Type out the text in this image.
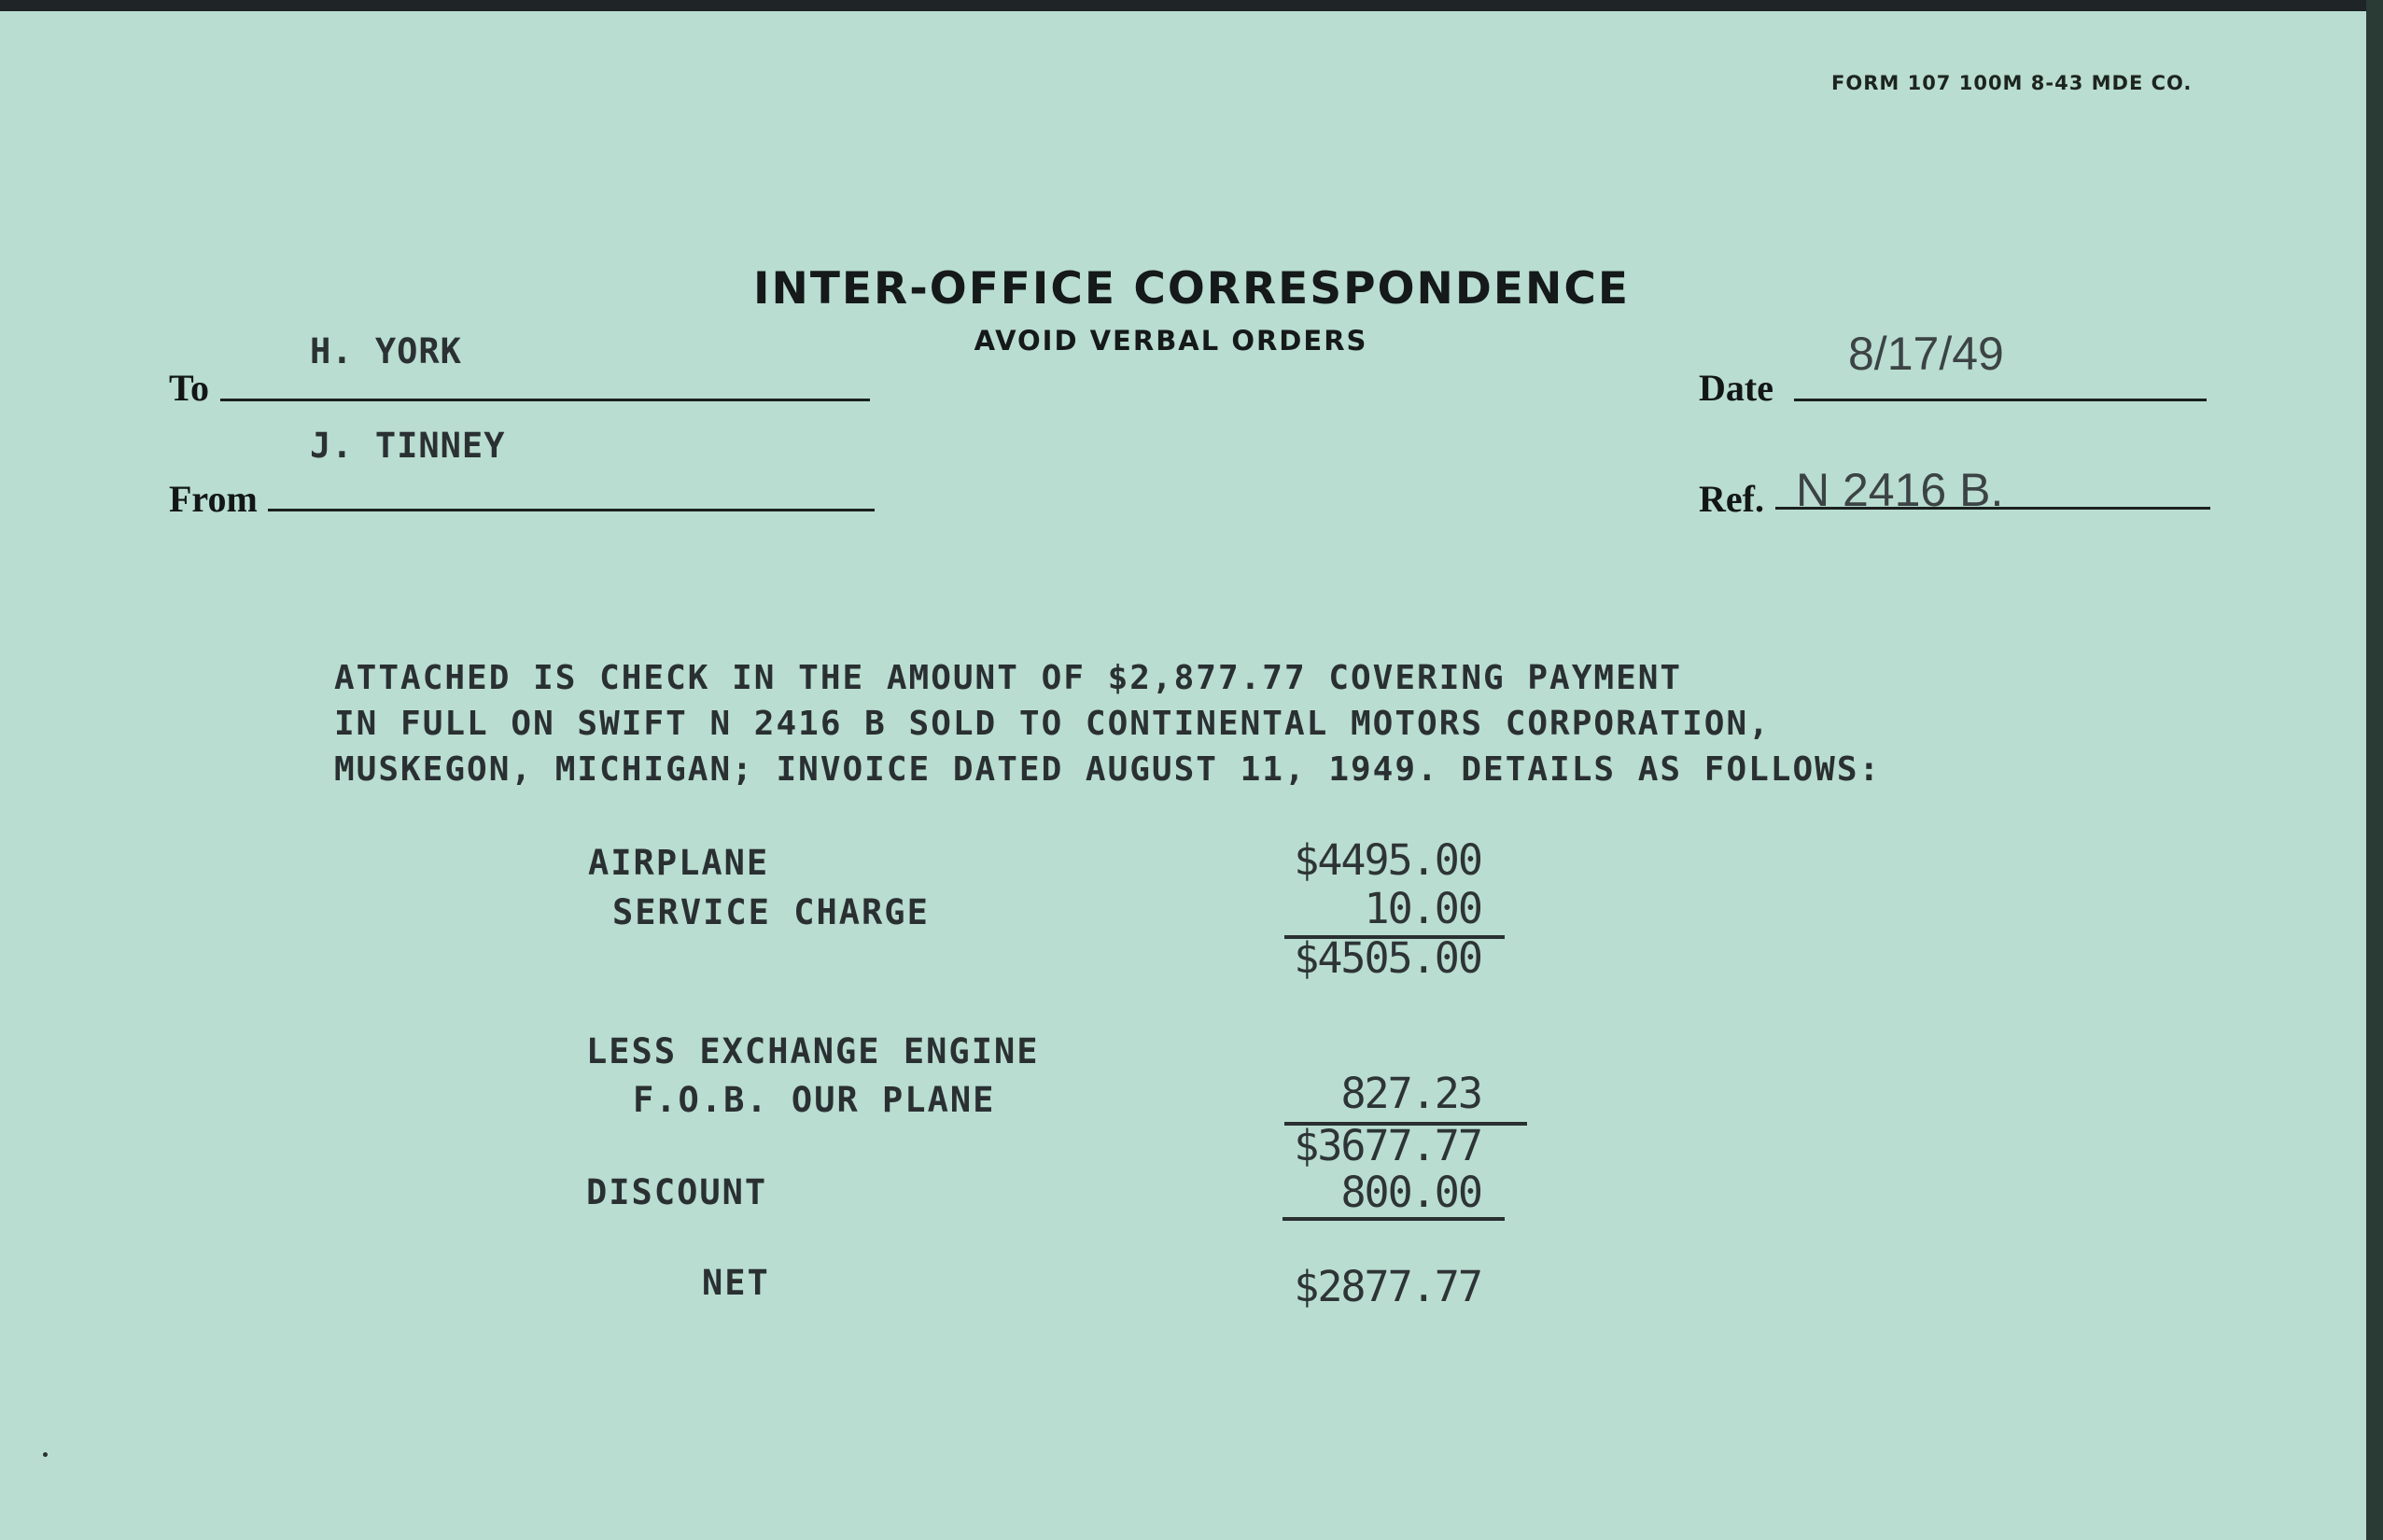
FORM 107 100M 8-43 MDE CO.
INTER-OFFICE CORRESPONDENCE
AVOID VERBAL ORDERS
To
H. YORK
From
J. TINNEY
Date
8/17/49
Ref. N 2416 B.
ATTACHED IS CHECK IN THE AMOUNT OF $2,877.77 COVERING PAYMENT
IN FULL ON SWIFT N 2416 B SOLD TO CONTINENTAL MOTORS CORPORATION,
MUSKEGON, MICHIGAN; INVOICE DATED AUGUST 11, 1949. DETAILS AS FOLLOWS:
AIRPLANE
SERVICE CHARGE
LESS EXCHANGE ENGINE
F.O.B. OUR PLANE
DISCOUNT
NET
$4495.00
10.00
$4505.00
827.23
$3677.77
800.00
$2877.77
